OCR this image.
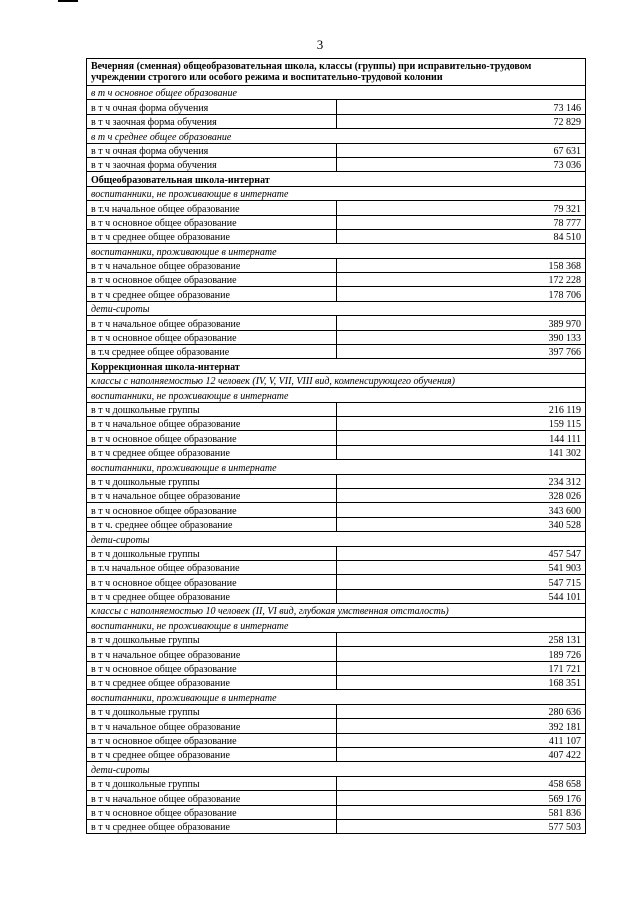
3
Вечерняя (сменная) общеобразовательная школа, классы (группы) при исправительно-трудовом учреждении строгого или особого режима и воспитательно-трудовой колонии	
в т ч основное общее образование	
в т ч очная форма обучения	73 146
в т ч заочная форма обучения	72 829
в т ч среднее общее образование	
в т ч очная форма обучения	67 631
в т ч заочная форма обучения	73 036
Общеобразовательная школа-интернат	
воспитанники, не проживающие в интернате	
в т.ч начальное общее образование	79 321
в т ч основное общее образование	78 777
в т ч среднее общее образование	84 510
воспитанники, проживающие в интернате	
в т ч начальное общее образование	158 368
в т ч основное общее образование	172 228
в т ч среднее общее образование	178 706
дети-сироты	
в т ч начальное общее образование	389 970
в т ч основное общее образование	390 133
в т.ч среднее общее образование	397 766
Коррекционная школа-интернат	
классы с наполняемостью 12 человек (IV, V, VII, VIII вид, компенсирующего обучения)	
воспитанники, не проживающие в интернате	
в т ч дошкольные группы	216 119
в т ч начальное общее образование	159 115
в т ч основное общее образование	144 111
в т ч среднее общее образование	141 302
воспитанники, проживающие в интернате	
в т ч дошкольные группы	234 312
в т ч начальное общее образование	328 026
в т ч основное общее образование	343 600
в т ч. среднее общее образование	340 528
дети-сироты	
в т ч дошкольные группы	457 547
в т.ч начальное общее образование	541 903
в т ч основное общее образование	547 715
в т ч среднее общее образование	544 101
классы с наполняемостью 10 человек (II, VI вид, глубокая умственная отсталость)	
воспитанники, не проживающие в интернате	
в т ч дошкольные группы	258 131
в т ч начальное общее образование	189 726
в т ч основное общее образование	171 721
в т ч среднее общее образование	168 351
воспитанники, проживающие в интернате	
в т ч дошкольные группы	280 636
в т ч начальное общее образование	392 181
в т ч основное общее образование	411 107
в т ч среднее общее образование	407 422
дети-сироты	
в т ч дошкольные группы	458 658
в т ч начальное общее образование	569 176
в т ч основное общее образование	581 836
в т ч среднее общее образование	577 503
